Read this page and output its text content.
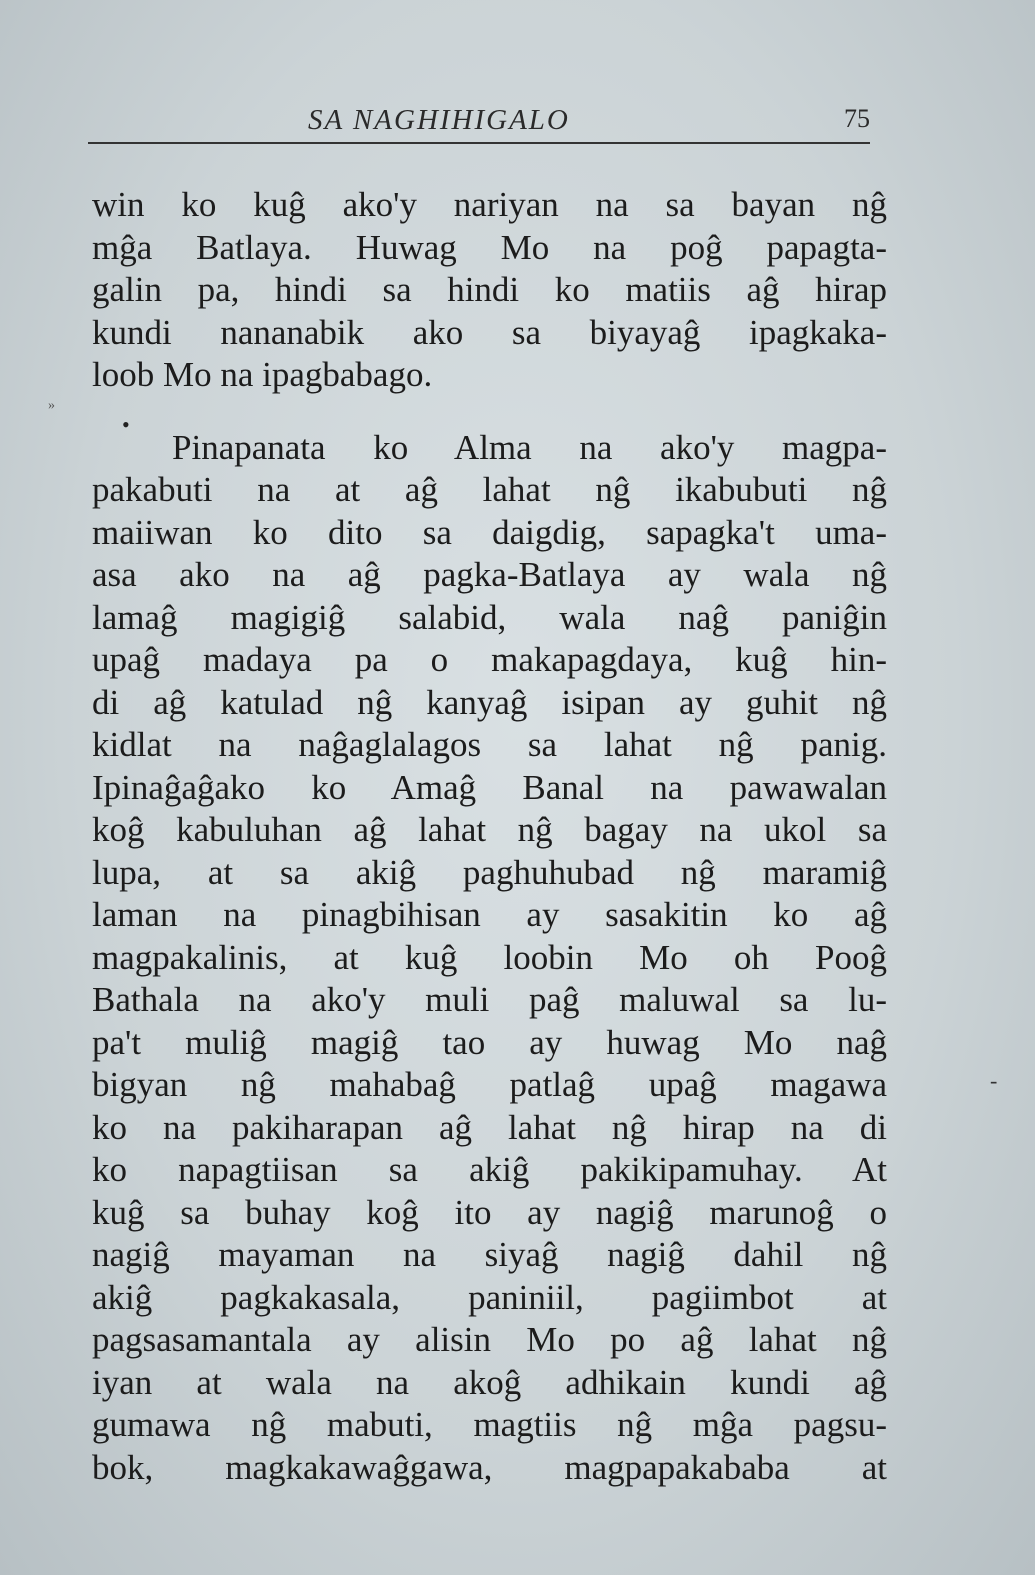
SA NAGHIHIGALO	75
»
•
-
win ko kuĝ ako'y nariyan na sa bayan nĝ
mĝa Batlaya. Huwag Mo na poĝ papagta-
galin pa, hindi sa hindi ko matiis aĝ hirap
kundi nananabik ako sa biyayaĝ ipagkaka-
loob Mo na ipagbabago.
Pinapanata ko Alma na ako'y magpa-
pakabuti na at aĝ lahat nĝ ikabubuti nĝ
maiiwan ko dito sa daigdig, sapagka't uma-
asa ako na aĝ pagka-Batlaya ay wala nĝ
lamaĝ magigiĝ salabid, wala naĝ paniĝin
upaĝ madaya pa o makapagdaya, kuĝ hin-
di aĝ katulad nĝ kanyaĝ isipan ay guhit nĝ
kidlat na naĝaglalagos sa lahat nĝ panig.
Ipinaĝaĝako ko Amaĝ Banal na pawawalan
koĝ kabuluhan aĝ lahat nĝ bagay na ukol sa
lupa, at sa akiĝ paghuhubad nĝ maramiĝ
laman na pinagbihisan ay sasakitin ko aĝ
magpakalinis, at kuĝ loobin Mo oh Pooĝ
Bathala na ako'y muli paĝ maluwal sa lu-
pa't muliĝ magiĝ tao ay huwag Mo naĝ
bigyan nĝ mahabaĝ patlaĝ upaĝ magawa
ko na pakiharapan aĝ lahat nĝ hirap na di
ko napagtiisan sa akiĝ pakikipamuhay. At
kuĝ sa buhay koĝ ito ay nagiĝ marunoĝ o
nagiĝ mayaman na siyaĝ nagiĝ dahil nĝ
akiĝ pagkakasala, paniniil, pagiimbot at
pagsasamantala ay alisin Mo po aĝ lahat nĝ
iyan at wala na akoĝ adhikain kundi aĝ
gumawa nĝ mabuti, magtiis nĝ mĝa pagsu-
bok, magkakawaĝgawa, magpapakababa at
